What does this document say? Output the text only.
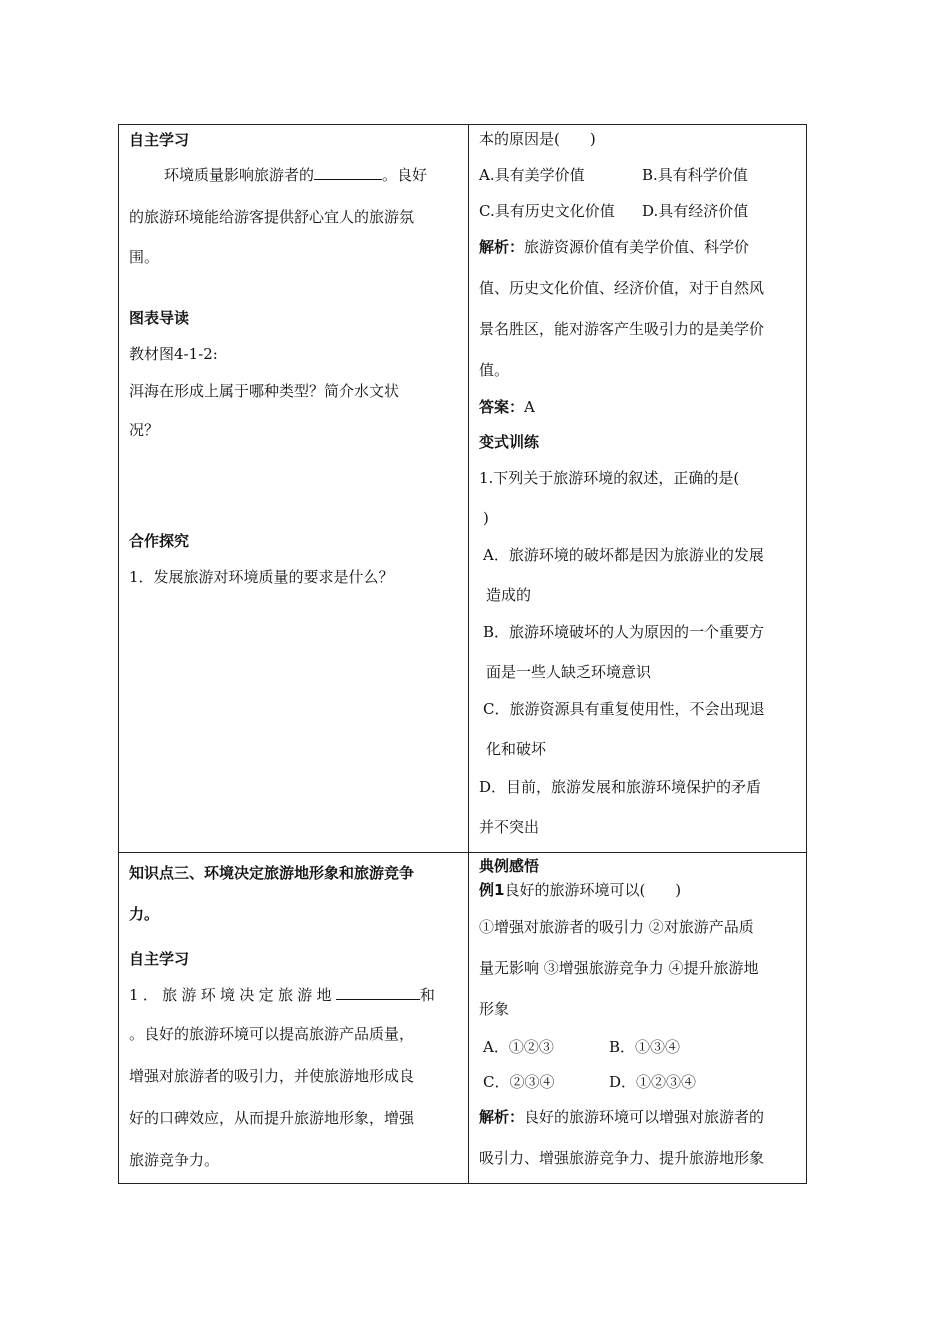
自主学习
环境质量影响旅游者的	。良好
的旅游环境能给游客提供舒心宜人的旅游氛
围。
图表导读
教材图4-1-2:
洱海在形成上属于哪种类型？简介水文状
况？
合作探究
1．发展旅游对环境质量的要求是什么？
本的原因是(　　)
A.具有美学价值	B.具有科学价值
C.具有历史文化价值 D.具有经济价值
解析：旅游资源价值有美学价值、科学价
值、历史文化价值、经济价值，对于自然风
景名胜区，能对游客产生吸引力的是美学价
值。
答案：A
变式训练
1.下列关于旅游环境的叙述，正确的是(
)
A．旅游环境的破坏都是因为旅游业的发展
造成的
B．旅游环境破坏的人为原因的一个重要方
面是一些人缺乏环境意识
C．旅游资源具有重复使用性，不会出现退
化和破坏
D．目前，旅游发展和旅游环境保护的矛盾
并不突出
知识点三、环境决定旅游地形象和旅游竞争
力。
自主学习
1．旅游环境决定旅游地	和
。良好的旅游环境可以提高旅游产品质量，
增强对旅游者的吸引力，并使旅游地形成良
好的口碑效应，从而提升旅游地形象，增强
旅游竞争力。
典例感悟
例1良好的旅游环境可以(　　)
①增强对旅游者的吸引力 ②对旅游产品质
量无影响 ③增强旅游竞争力 ④提升旅游地
形象
A．①②③	B．①③④
C．②③④	D．①②③④
解析：良好的旅游环境可以增强对旅游者的
吸引力、增强旅游竞争力、提升旅游地形象
